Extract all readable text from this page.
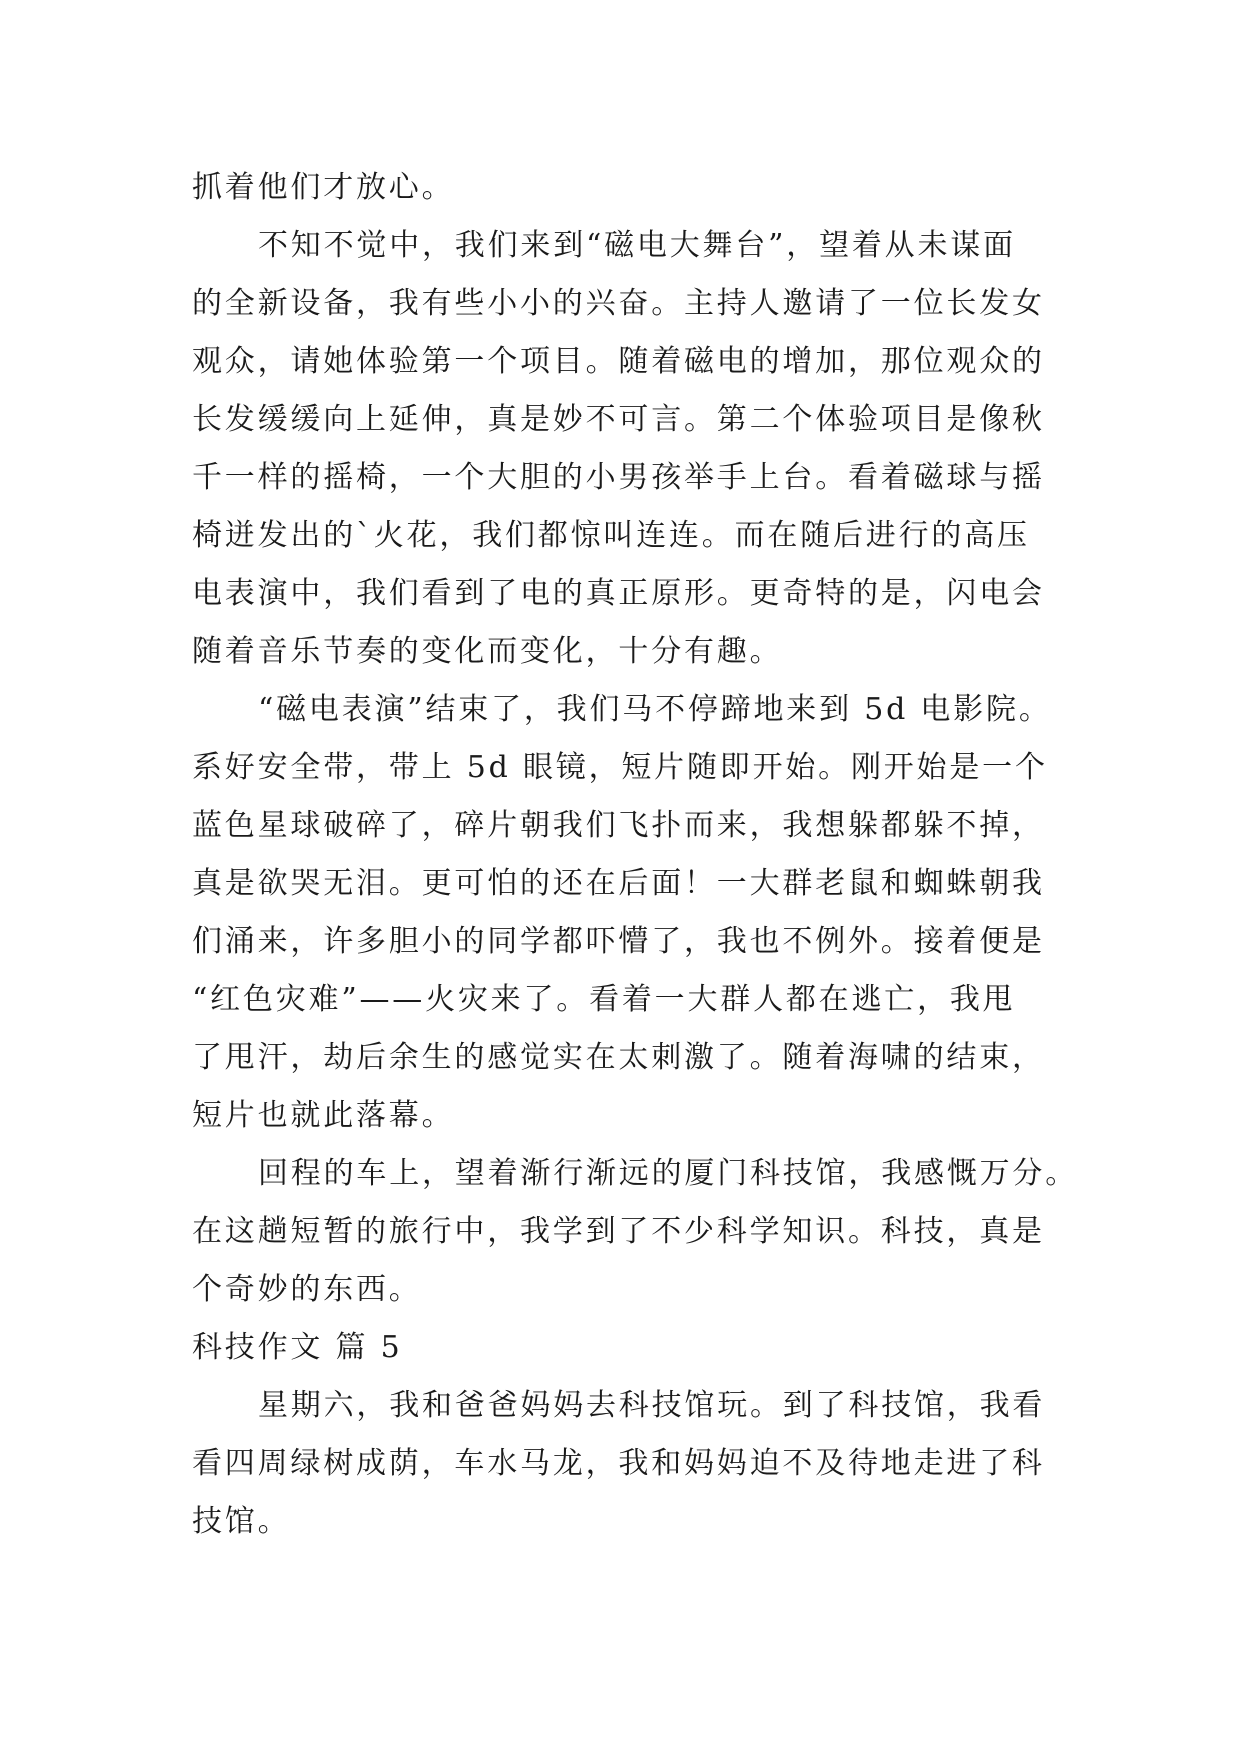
抓着他们才放心。

不知不觉中，我们来到“磁电大舞台”，望着从未谋面

的全新设备，我有些小小的兴奋。主持人邀请了一位长发女

观众，请她体验第一个项目。随着磁电的增加，那位观众的

长发缓缓向上延伸，真是妙不可言。第二个体验项目是像秋

千一样的摇椅，一个大胆的小男孩举手上台。看着磁球与摇

椅迸发出的`火花，我们都惊叫连连。而在随后进行的高压

电表演中，我们看到了电的真正原形。更奇特的是，闪电会

随着音乐节奏的变化而变化，十分有趣。

“磁电表演”结束了，我们马不停蹄地来到 5d 电影院。

系好安全带，带上 5d 眼镜，短片随即开始。刚开始是一个

蓝色星球破碎了，碎片朝我们飞扑而来，我想躲都躲不掉，

真是欲哭无泪。更可怕的还在后面！一大群老鼠和蜘蛛朝我

们涌来，许多胆小的同学都吓懵了，我也不例外。接着便是

“红色灾难”——火灾来了。看着一大群人都在逃亡，我甩

了甩汗，劫后余生的感觉实在太刺激了。随着海啸的结束，

短片也就此落幕。

回程的车上，望着渐行渐远的厦门科技馆，我感慨万分。

在这趟短暂的旅行中，我学到了不少科学知识。科技，真是

个奇妙的东西。

科技作文 篇 5

星期六，我和爸爸妈妈去科技馆玩。到了科技馆，我看

看四周绿树成荫，车水马龙，我和妈妈迫不及待地走进了科

技馆。
